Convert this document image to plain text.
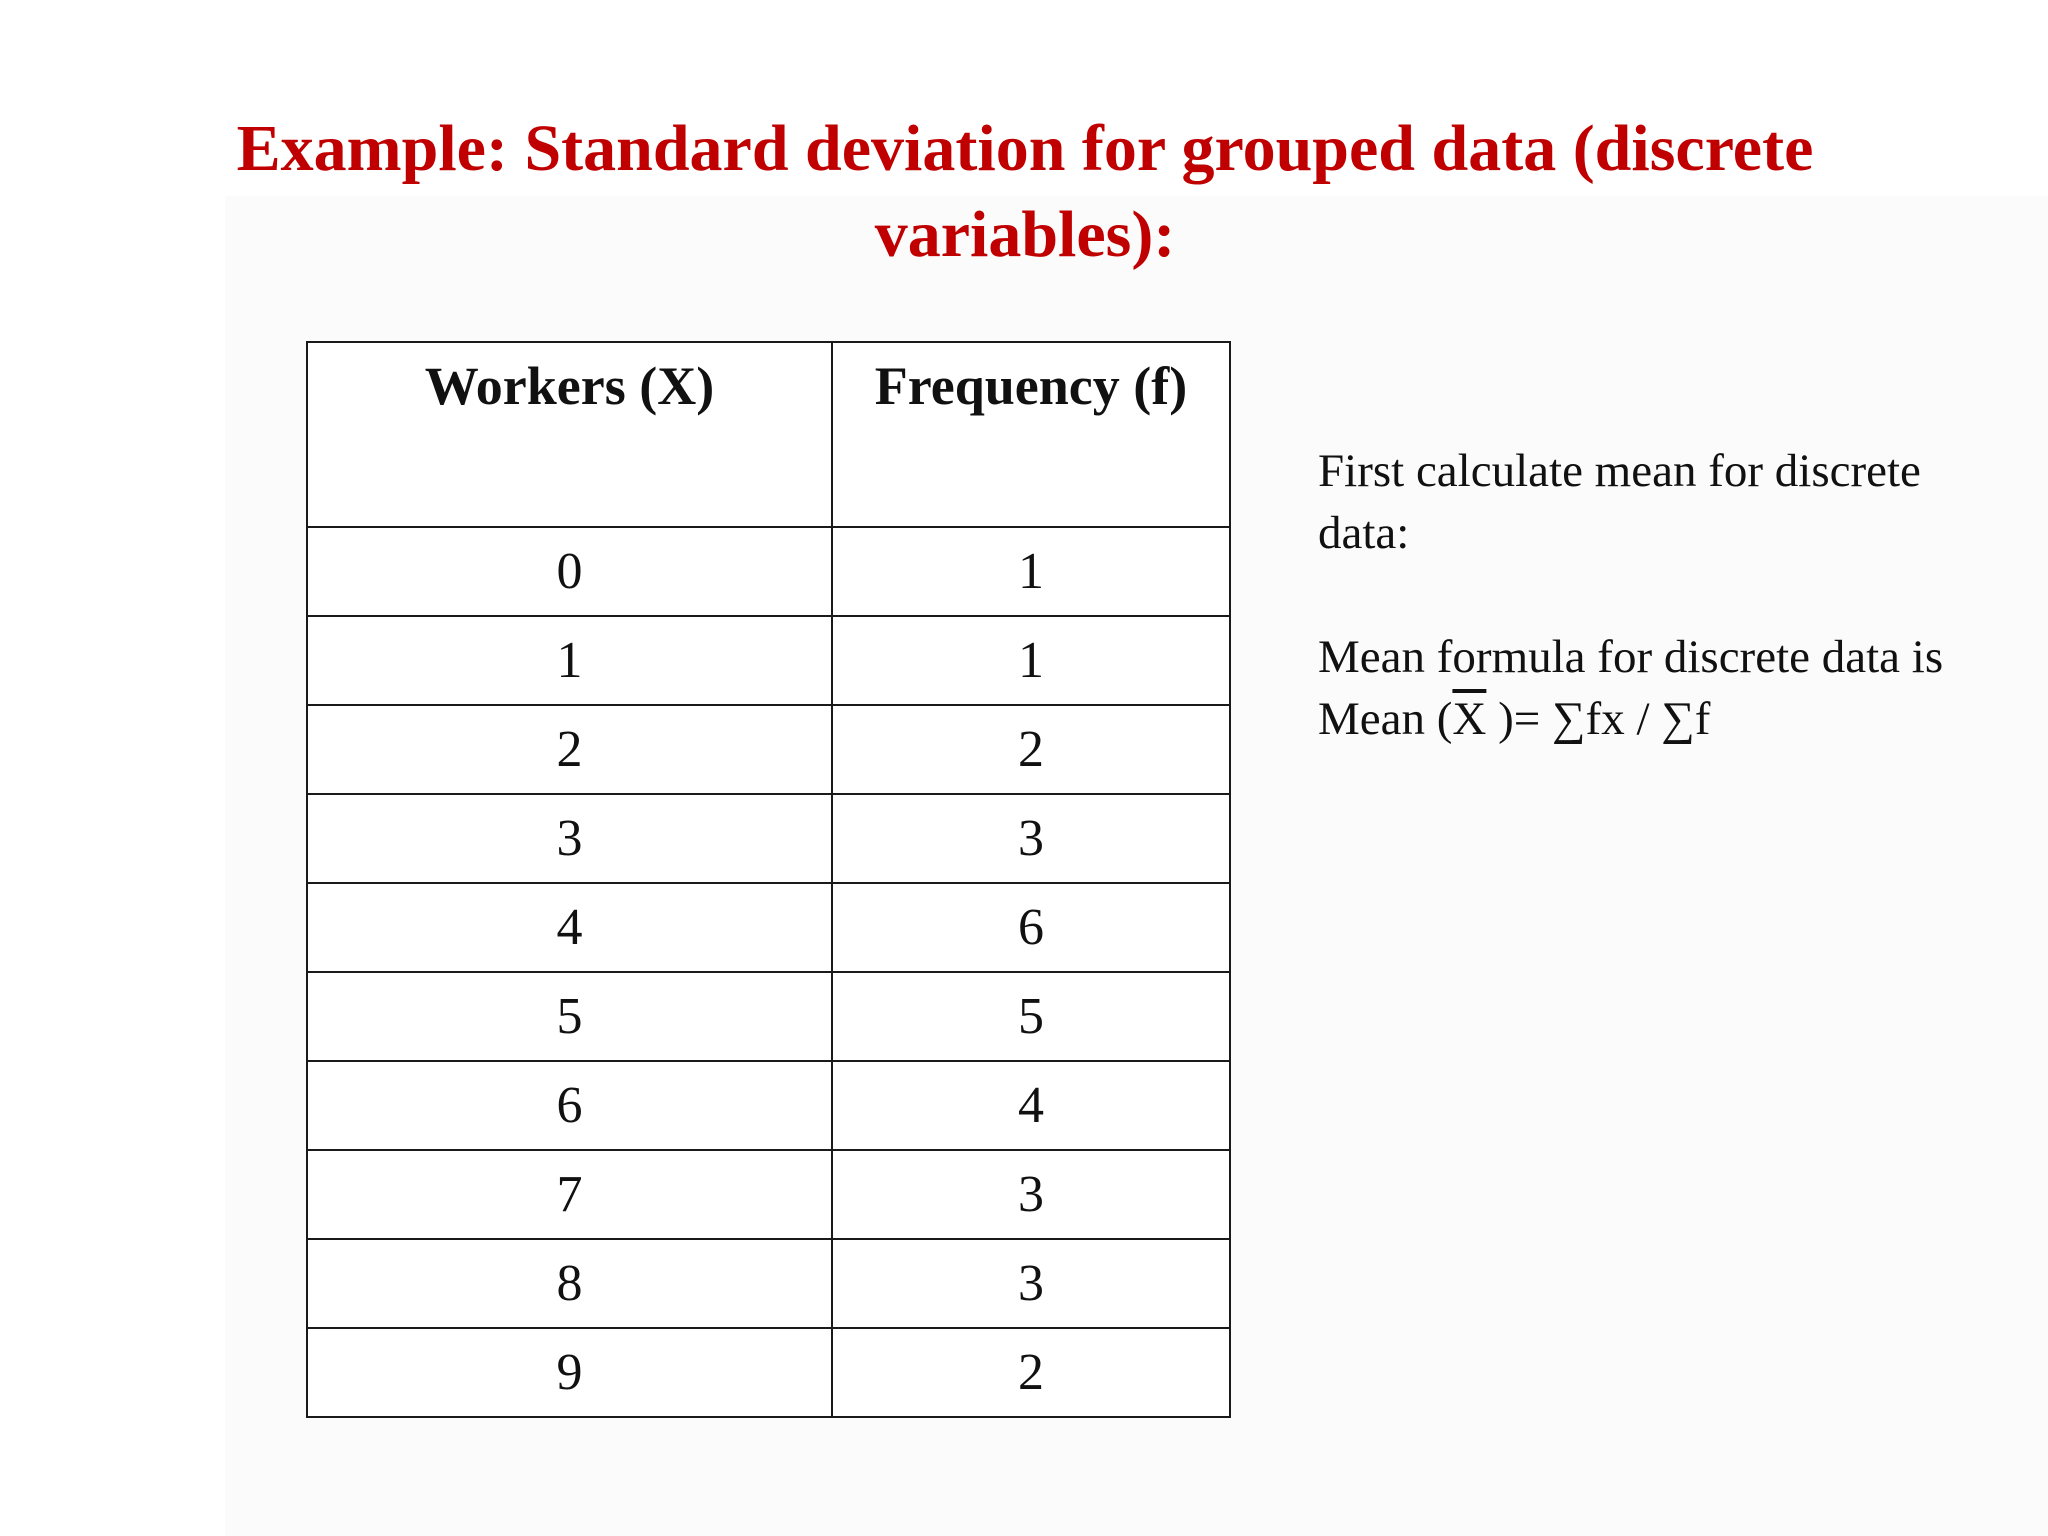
Example: Standard deviation for grouped data (discrete
variables):
Workers (X)	Frequency (f)
0	1
1	1
2	2
3	3
4	6
5	5
6	4
7	3
8	3
9	2

First calculate mean for discrete data:

Mean formula for discrete data is Mean ($\overline{X}$ )= ∑fx / ∑f
